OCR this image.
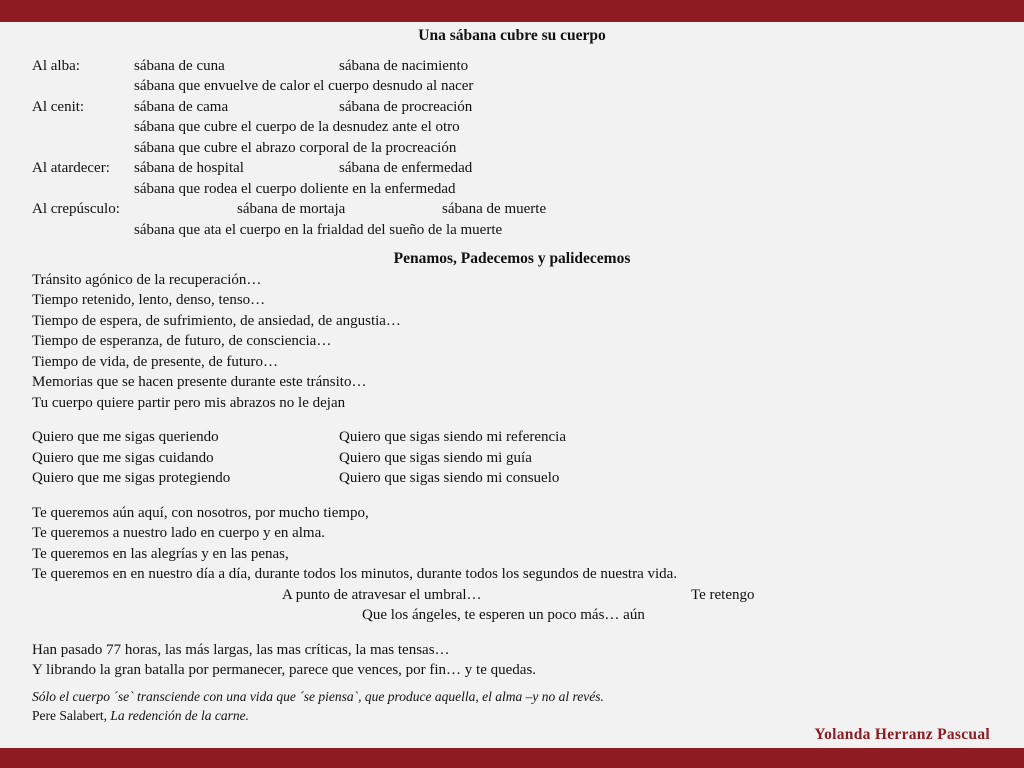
Una sábana cubre su cuerpo

Al alba:	sábana de cuna	sábana de nacimiento
sábana que envuelve de calor el cuerpo desnudo al nacer
Al cenit:	sábana de cama	sábana de procreación
sábana que cubre el cuerpo de la desnudez ante el otro
sábana que cubre el abrazo corporal de la procreación
Al atardecer:	sábana de hospital	sábana de enfermedad
sábana que rodea el cuerpo doliente en la enfermedad
Al crepúsculo:	sábana de mortaja	sábana de muerte
sábana que ata el cuerpo en la frialdad del sueño de la muerte

Penamos, Padecemos y palidecemos

Tránsito agónico de la recuperación…
Tiempo retenido, lento, denso, tenso…
Tiempo de espera, de sufrimiento, de ansiedad, de angustia…
Tiempo de esperanza, de futuro, de consciencia…
Tiempo de vida, de presente, de futuro…
Memorias que se hacen presente durante este tránsito…
Tu cuerpo quiere partir pero mis abrazos no le dejan
Quiero que me sigas queriendo	Quiero que sigas siendo mi referencia
Quiero que me sigas cuidando	Quiero que sigas siendo mi guía
Quiero que me sigas protegiendo	Quiero que sigas siendo mi consuelo
Te queremos aún aquí, con nosotros, por mucho tiempo,
Te queremos a nuestro lado en cuerpo y en alma.
Te queremos en las alegrías y en las penas,
Te queremos en en nuestro día a día, durante todos los minutos, durante todos los segundos de nuestra vida.
A punto de atravesar el umbral…	Te retengo
Que los ángeles, te esperen un poco más… aún
Han pasado 77 horas, las más largas, las mas críticas, la mas tensas…
Y librando la gran batalla por permanecer, parece que vences, por fin… y te quedas.
Sólo el cuerpo ´se` transciende con una vida que ´se piensa`, que produce aquella, el alma –y no al revés.
Pere Salabert, La redención de la carne.
Yolanda Herranz Pascual
